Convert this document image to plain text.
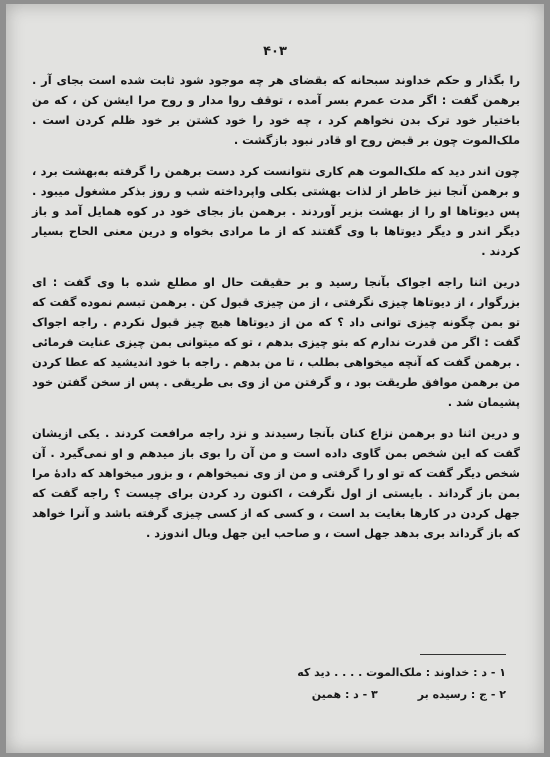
۴۰۳

را بگذار و حکم خداوند سبحانه که بقضای هر چه موجود شود ثابت شده است بجای آر . برهمن گفت : اگر مدت عمرم بسر آمده ، توقف روا مدار و روح مرا ایشن کن ، که من باختیار خود ترک بدن نخواهم کرد ، چه خود را خود کشتن بر خود ظلم کردن است . ملک‌الموت چون بر قبض روح او قادر نبود بازگشت .

چون اندر دید که ملک‌الموت هم کاری نتوانست کرد دست برهمن را گرفته به‌بهشت برد ، و برهمن آنجا نیز خاطر از لذات بهشتی بکلی واپرداخته شب و روز بذکر مشغول میبود . پس دیوتاها او را از بهشت بزیر آوردند . برهمن باز بجای خود در کوه همایل آمد و باز دیگر اندر و دیگر دیوتاها با وی گفتند که از ما مرادی بخواه و درین معنی الحاح بسیار کردند .

درین اثنا راجه اجواک بآنجا رسید و بر حقیقت حال او مطلع شده با وی گفت : ای بزرگوار ، از دیوتاها چیزی نگرفتی ، از من چیزی قبول کن . برهمن تبسم نموده گفت که تو بمن چگونه چیزی توانی داد ؟ که من از دیوتاها هیچ چیز قبول نکردم . راجه اجواک گفت : اگر من قدرت ندارم که بتو چیزی بدهم ، تو که میتوانی بمن چیزی عنایت فرمائی . برهمن گفت که آنچه میخواهی بطلب ، تا من بدهم . راجه با خود اندیشید که عطا کردن من برهمن موافق طریقت بود ، و گرفتن من از وی بی طریقی . پس از سخن گفتن خود پشیمان شد .

و درین اثنا دو برهمن نزاع کنان بآنجا رسیدند و نزد راجه مرافعت کردند . یکی ازیشان گفت که این شخص بمن گاوی داده است و من آن را بوی باز میدهم و او نمی‌گیرد . آن شخص دیگر گفت که تو او را گرفتی و من از وی نمیخواهم ، و بزور میخواهد که دادهٔ مرا بمن باز گرداند . بایستی از اول نگرفت ، اکنون رد کردن برای چیست ؟ راجه گفت که جهل کردن در کارها بغایت بد است ، و کسی که از کسی چیزی گرفته باشد و آنرا خواهد که باز گرداند بری بدهد جهل است ، و صاحب این جهل وبال اندوزد .

۱ - د : خداوند : ملک‌الموت . . . . دید که
۲ - ج : رسیده بر
۳ - د : همین
